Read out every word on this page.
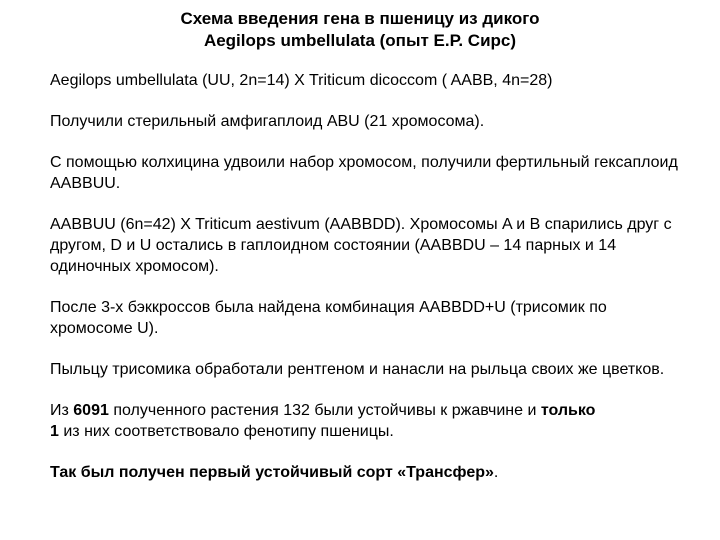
Схема введения гена в пшеницу из дикого
Aegilops umbellulata (опыт Е.Р. Сирс)

Aegilops umbellulata (UU, 2n=14) X Triticum dicoccom ( AABB, 4n=28)

Получили стерильный амфигаплоид ABU (21 хромосома).

С помощью колхицина удвоили набор хромосом, получили фертильный гексаплоид AABBUU.

AABBUU (6n=42) X Triticum aestivum (AABBDD). Хромосомы A и B спарились друг с другом, D и U остались в гаплоидном состоянии (AABBDU – 14 парных и 14 одиночных хромосом).

После 3-х бэккроссов была найдена комбинация AABBDD+U (трисомик по хромосоме U).

Пыльцу трисомика обработали рентгеном и нанасли на рыльца своих же цветков.

Из 6091 полученного растения 132 были устойчивы к ржавчине и только
1 из них соответствовало фенотипу пшеницы.

Так был получен первый устойчивый сорт «Трансфер».
